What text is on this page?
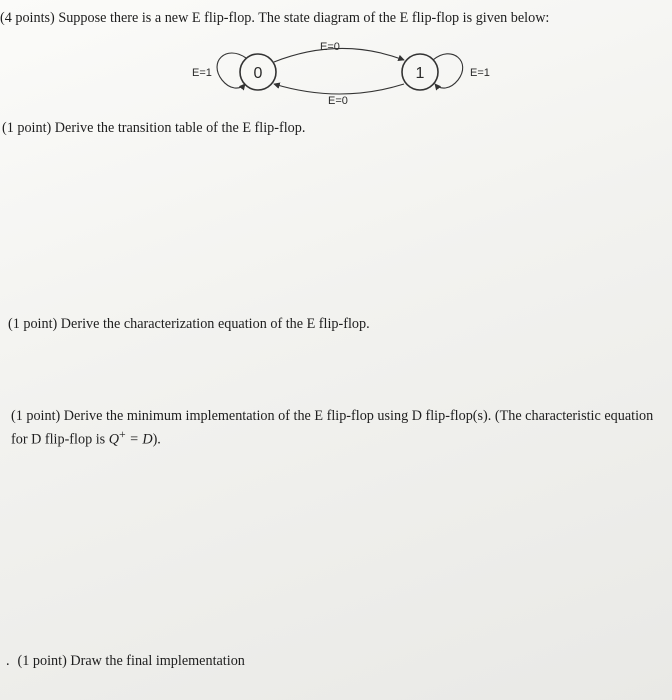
(4 points) Suppose there is a new E flip-flop. The state diagram of the E flip-flop is given below:
0	1
E=0
E=0
E=1	E=1
(1 point) Derive the transition table of the E flip-flop.
(1 point) Derive the characterization equation of the E flip-flop.
(1 point) Derive the minimum implementation of the E flip-flop using D flip-flop(s). (The characteristic equation
for D flip-flop is Q+ = D).
. (1 point) Draw the final implementation
